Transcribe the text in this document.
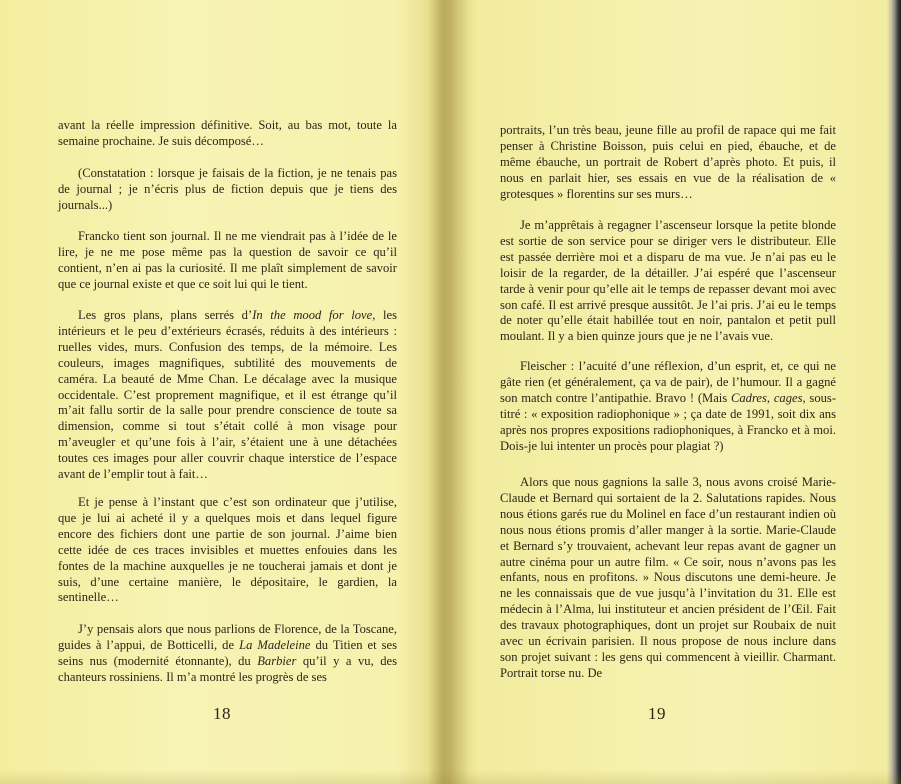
avant la réelle impression définitive. Soit, au bas mot, toute la semaine prochaine. Je suis décomposé…

(Constatation : lorsque je faisais de la fiction, je ne tenais pas de journal ; je n’écris plus de fiction depuis que je tiens des journals...)

Francko tient son journal. Il ne me viendrait pas à l’idée de le lire, je ne me pose même pas la question de savoir ce qu’il contient, n’en ai pas la curiosité. Il me plaît simplement de savoir que ce journal existe et que ce soit lui qui le tient.

Les gros plans, plans serrés d’In the mood for love, les intérieurs et le peu d’extérieurs écrasés, réduits à des intérieurs : ruelles vides, murs. Confusion des temps, de la mémoire. Les couleurs, images magnifiques, subtilité des mouvements de caméra. La beauté de Mme Chan. Le décalage avec la musique occidentale. C’est proprement magnifique, et il est étrange qu’il m’ait fallu sortir de la salle pour prendre conscience de toute sa dimension, comme si tout s’était collé à mon visage pour m’aveugler et qu’une fois à l’air, s’étaient une à une détachées toutes ces images pour aller couvrir chaque interstice de l’espace avant de l’emplir tout à fait…

Et je pense à l’instant que c’est son ordinateur que j’utilise, que je lui ai acheté il y a quelques mois et dans lequel figure encore des fichiers dont une partie de son journal. J’aime bien cette idée de ces traces invisibles et muettes enfouies dans les fontes de la machine auxquelles je ne toucherai jamais et dont je suis, d’une certaine manière, le dépositaire, le gardien, la sentinelle…

J’y pensais alors que nous parlions de Florence, de la Toscane, guides à l’appui, de Botticelli, de La Madeleine du Titien et ses seins nus (modernité étonnante), du Barbier qu’il y a vu, des chanteurs rossiniens. Il m’a montré les progrès de ses

18

portraits, l’un très beau, jeune fille au profil de rapace qui me fait penser à Christine Boisson, puis celui en pied, ébauche, et de même ébauche, un portrait de Robert d’après photo. Et puis, il nous en parlait hier, ses essais en vue de la réalisation de « grotesques » florentins sur ses murs…

Je m’apprêtais à regagner l’ascenseur lorsque la petite blonde est sortie de son service pour se diriger vers le distributeur. Elle est passée derrière moi et a disparu de ma vue. Je n’ai pas eu le loisir de la regarder, de la détailler. J’ai espéré que l’ascenseur tarde à venir pour qu’elle ait le temps de repasser devant moi avec son café. Il est arrivé presque aussitôt. Je l’ai pris. J’ai eu le temps de noter qu’elle était habillée tout en noir, pantalon et petit pull moulant. Il y a bien quinze jours que je ne l’avais vue.

Fleischer : l’acuité d’une réflexion, d’un esprit, et, ce qui ne gâte rien (et généralement, ça va de pair), de l’humour. Il a gagné son match contre l’antipathie. Bravo ! (Mais Cadres, cages, sous-titré : « exposition radiophonique » ; ça date de 1991, soit dix ans après nos propres expositions radiophoniques, à Francko et à moi. Dois-je lui intenter un procès pour plagiat ?)

Alors que nous gagnions la salle 3, nous avons croisé Marie-Claude et Bernard qui sortaient de la 2. Salutations rapides. Nous nous étions garés rue du Molinel en face d’un restaurant indien où nous nous étions promis d’aller manger à la sortie. Marie-Claude et Bernard s’y trouvaient, achevant leur repas avant de gagner un autre cinéma pour un autre film. « Ce soir, nous n’avons pas les enfants, nous en profitons. » Nous discutons une demi-heure. Je ne les connaissais que de vue jusqu’à l’invitation du 31. Elle est médecin à l’Alma, lui instituteur et ancien président de l’Œil. Fait des travaux photographiques, dont un projet sur Roubaix de nuit avec un écrivain parisien. Il nous propose de nous inclure dans son projet suivant : les gens qui commencent à vieillir. Charmant. Portrait torse nu. De

19
